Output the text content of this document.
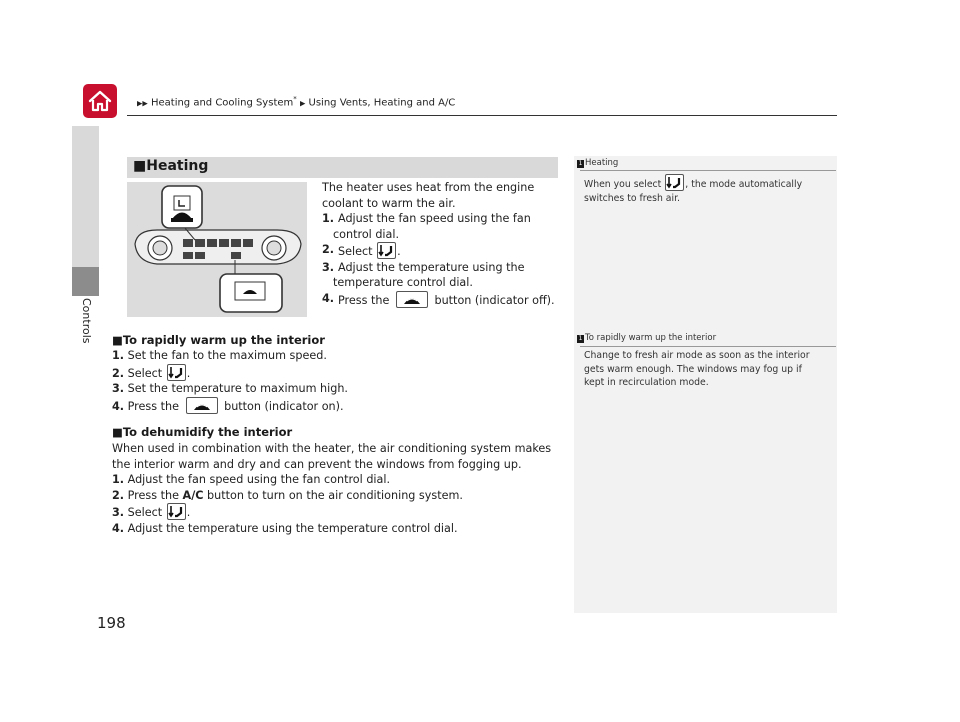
▶▶ Heating and Cooling System* ▶ Using Vents, Heating and A/C
Controls
198
■Heating
The heater uses heat from the engine coolant to warm the air.
1. Adjust the fan speed using the fan control dial.
2. Select
.
3. Adjust the temperature using the temperature control dial.
4. Press the	button (indicator off).
■To rapidly warm up the interior
1. Set the fan to the maximum speed.
2. Select
.
3. Set the temperature to maximum high.
4. Press the	button (indicator on).
■To dehumidify the interior
When used in combination with the heater, the air conditioning system makes the interior warm and dry and can prevent the windows from fogging up.
1. Adjust the fan speed using the fan control dial.
2. Press the A/C button to turn on the air conditioning system.
3. Select
.
4. Adjust the temperature using the temperature control dial.
1 Heating
When you select
, the mode automatically switches to fresh air.
1 To rapidly warm up the interior
Change to fresh air mode as soon as the interior gets warm enough. The windows may fog up if kept in recirculation mode.
